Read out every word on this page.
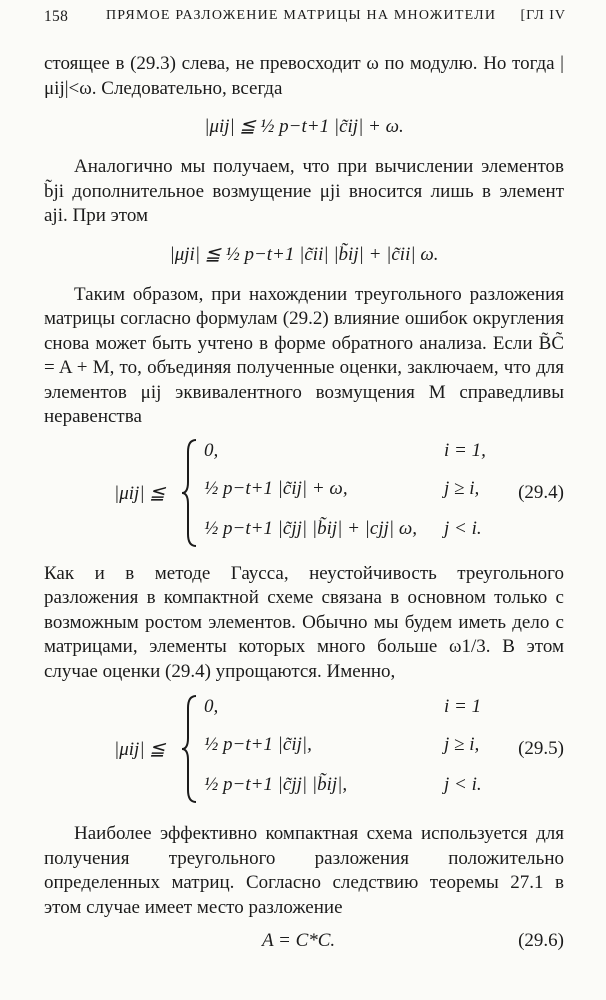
158	ПРЯМОЕ РАЗЛОЖЕНИЕ МАТРИЦЫ НА МНОЖИТЕЛИ [ГЛ IV

стоящее в (29.3) слева, не превосходит ω по модулю. Но тогда |μij|<ω. Следовательно, всегда

|μij| ≦ ½ p−t+1 |c̃ij| + ω.

Аналогично мы получаем, что при вычислении элементов b̃ji дополнительное возмущение μji вносится лишь в элемент aji. При этом

|μji| ≦ ½ p−t+1 |c̃ii| |b̃ij| + |c̃ii| ω.

Таким образом, при нахождении треугольного разложения матрицы согласно формулам (29.2) влияние ошибок округления снова может быть учтено в форме обратного анализа. Если B̃C̃ = A + M, то, объединяя полученные оценки, заключаем, что для элементов μij эквивалентного возмущения M справедливы неравенства

|μij| ≦
0,	i = 1,
½ p−t+1 |c̃ij| + ω,	j ≥ i,
½ p−t+1 |c̃jj| |b̃ij| + |cjj| ω, j < i.
(29.4)

Как и в методе Гаусса, неустойчивость треугольного разложения в компактной схеме связана в основном только с возможным ростом элементов. Обычно мы будем иметь дело с матрицами, элементы которых много больше ω1/3. В этом случае оценки (29.4) упрощаются. Именно,

|μij| ≦
0,	i = 1
½ p−t+1 |c̃ij|,	j ≥ i,
½ p−t+1 |c̃jj| |b̃ij|,	j < i.
(29.5)

Наиболее эффективно компактная схема используется для получения треугольного разложения положительно определенных матриц. Согласно следствию теоремы 27.1 в этом случае имеет место разложение

A = C*C.	(29.6)
